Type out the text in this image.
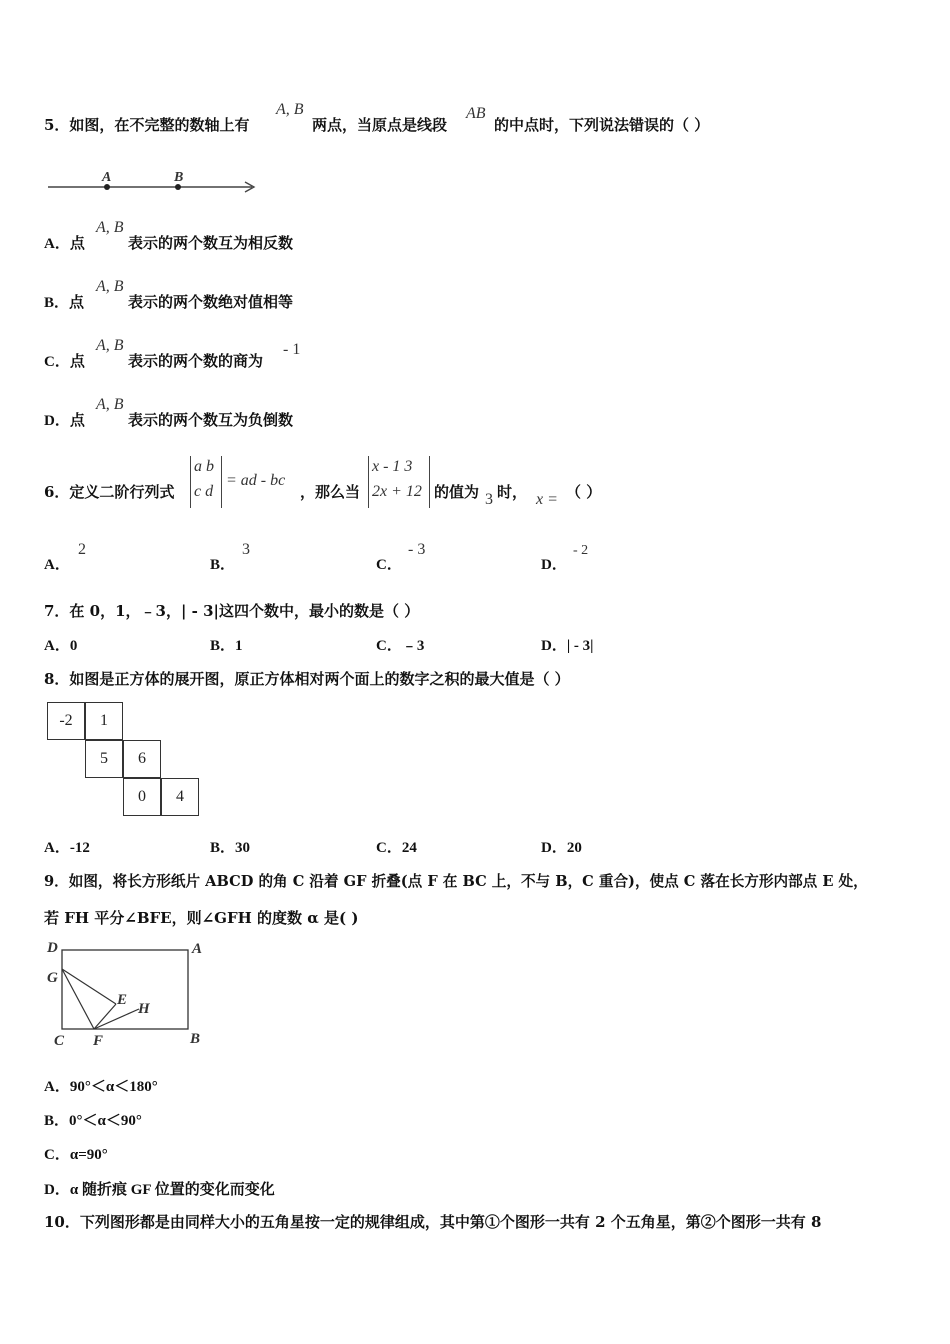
5．如图，在不完整的数轴上有
A, B
两点，当原点是线段
AB
的中点时，下列说法错误的（ ）
A	B
A．点
A, B
表示的两个数互为相反数
B．点
A, B
表示的两个数绝对值相等
C．点
A, B
表示的两个数的商为
- 1
D．点
A, B
表示的两个数互为负倒数
6．定义二阶行列式
a b
c d
= ad - bc
，那么当
x - 1 3
2x + 12 的值为 3 时， x = （ ）
A．
2
B．
3
C．
- 3
D．
- 2
7．在 0，1，﹣3，| - 3|这四个数中，最小的数是（ ）
A．0	B．1	C．﹣3	D．| - 3|
8．如图是正方体的展开图，原正方体相对两个面上的数字之积的最大值是（ ）
-2	1
5	6
0	4
A．-12	B．30	C．24	D．20
9．如图，将长方形纸片 ABCD 的角 C 沿着 GF 折叠(点 F 在 BC 上，不与 B，C 重合)，使点 C 落在长方形内部点 E 处，
若 FH 平分∠BFE，则∠GFH 的度数 α 是( )
D	A
G
E
H
C F	B
A．90°＜α＜180°
B．0°＜α＜90°
C．α=90°
D．α 随折痕 GF 位置的变化而变化
10．下列图形都是由同样大小的五角星按一定的规律组成，其中第①个图形一共有 2 个五角星，第②个图形一共有 8
